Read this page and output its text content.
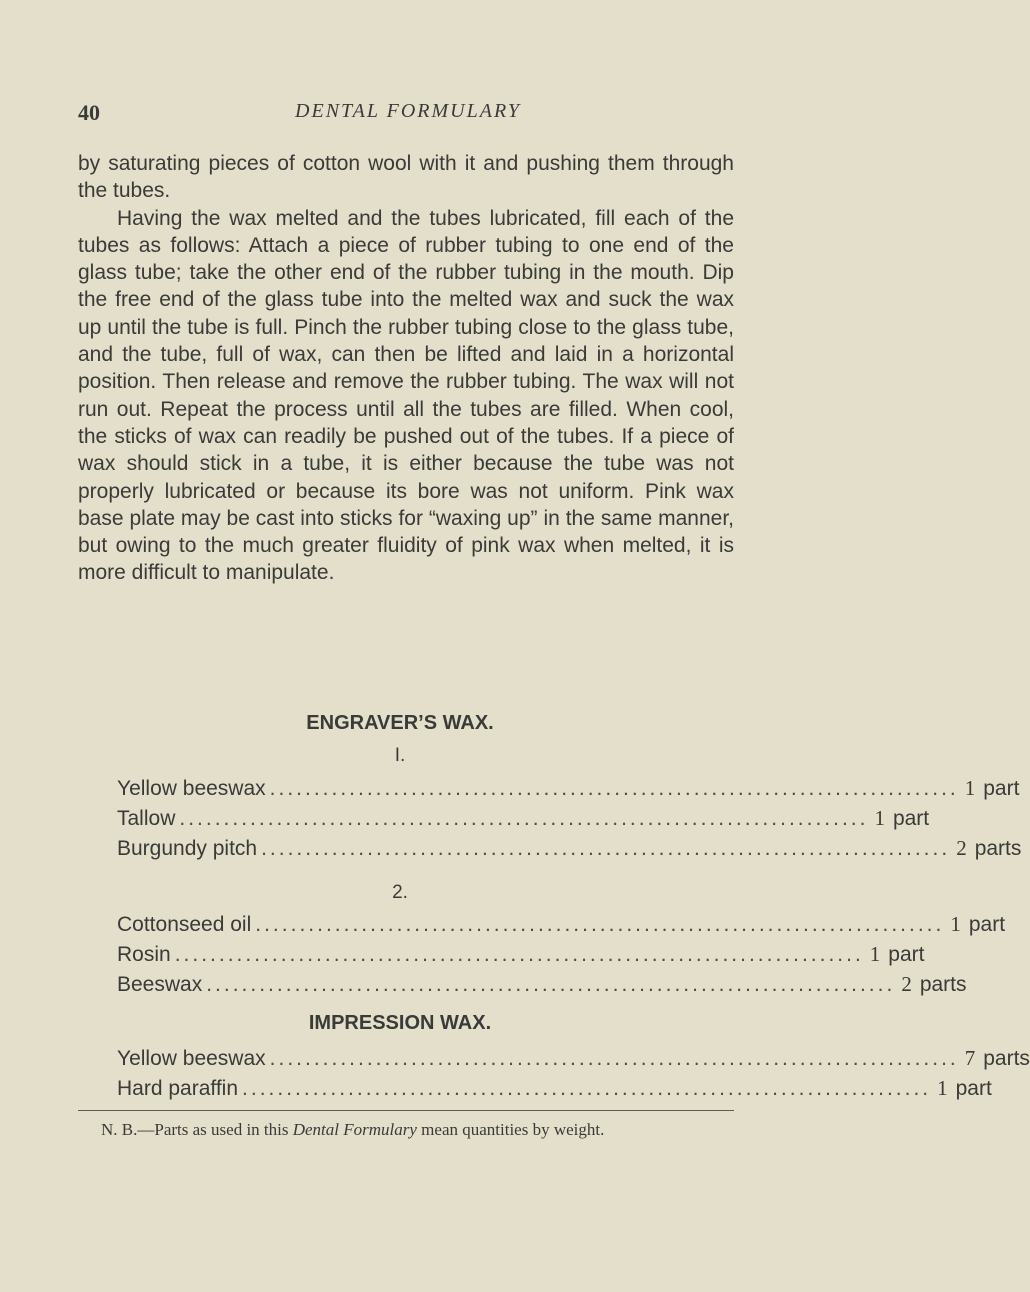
40	DENTAL FORMULARY

by saturating pieces of cotton wool with it and pushing them through the tubes.

Having the wax melted and the tubes lubricated, fill each of the tubes as follows: Attach a piece of rubber tubing to one end of the glass tube; take the other end of the rubber tubing in the mouth. Dip the free end of the glass tube into the melted wax and suck the wax up until the tube is full. Pinch the rubber tubing close to the glass tube, and the tube, full of wax, can then be lifted and laid in a horizontal position. Then release and remove the rubber tubing. The wax will not run out. Repeat the process until all the tubes are filled. When cool, the sticks of wax can readily be pushed out of the tubes. If a piece of wax should stick in a tube, it is either because the tube was not properly lubricated or because its bore was not uniform. Pink wax base plate may be cast into sticks for “waxing up” in the same manner, but owing to the much greater fluidity of pink wax when melted, it is more difficult to manipulate.

ENGRAVER’S WAX.
I.
Yellow beeswax .............................................................................. 1 part
Tallow .............................................................................. 1 part
Burgundy pitch .............................................................................. 2 parts
2.
Cottonseed oil .............................................................................. 1 part
Rosin .............................................................................. 1 part
Beeswax .............................................................................. 2 parts
IMPRESSION WAX.
Yellow beeswax .............................................................................. 7 parts
Hard paraffin .............................................................................. 1 part
N. B.—Parts as used in this Dental Formulary mean quantities by weight.
